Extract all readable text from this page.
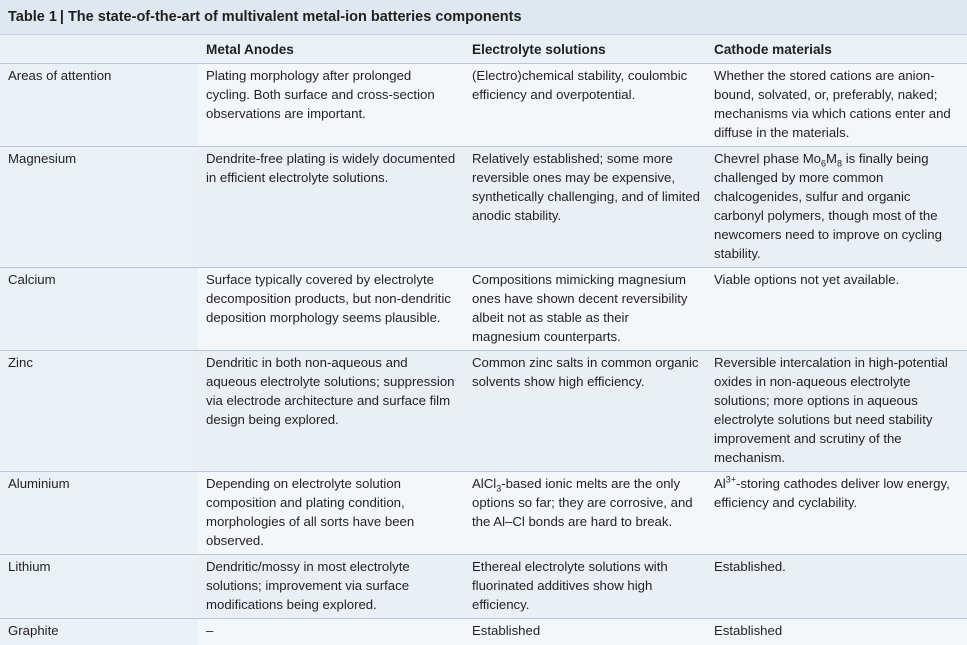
Table 1 | The state-of-the-art of multivalent metal-ion batteries components
	Metal Anodes	Electrolyte solutions	Cathode materials
Areas of attention	Plating morphology after prolonged cycling. Both surface and cross-section observations are important.	(Electro)chemical stability, coulombic efficiency and overpotential.	Whether the stored cations are anion-bound, solvated, or, preferably, naked; mechanisms via which cations enter and diffuse in the materials.
Magnesium	Dendrite-free plating is widely documented in efficient electrolyte solutions.	Relatively established; some more reversible ones may be expensive, synthetically challenging, and of limited anodic stability.	Chevrel phase $Mo_6M_8$ is finally being challenged by more common chalcogenides, sulfur and organic carbonyl polymers, though most of the newcomers need to improve on cycling stability.
Calcium	Surface typically covered by electrolyte decomposition products, but non-dendritic deposition morphology seems plausible.	Compositions mimicking magnesium ones have shown decent reversibility albeit not as stable as their magnesium counterparts.	Viable options not yet available.
Zinc	Dendritic in both non-aqueous and aqueous electrolyte solutions; suppression via electrode architecture and surface film design being explored.	Common zinc salts in common organic solvents show high efficiency.	Reversible intercalation in high-potential oxides in non-aqueous electrolyte solutions; more options in aqueous electrolyte solutions but need stability improvement and scrutiny of the mechanism.
Aluminium	Depending on electrolyte solution composition and plating condition, morphologies of all sorts have been observed.	AlCl$_3$-based ionic melts are the only options so far; they are corrosive, and the Al–Cl bonds are hard to break.	$Al^{3+}$-storing cathodes deliver low energy, efficiency and cyclability.
Lithium	Dendritic/mossy in most electrolyte solutions; improvement via surface modifications being explored.	Ethereal electrolyte solutions with fluorinated additives show high efficiency.	Established.
Graphite	–	Established	Established
